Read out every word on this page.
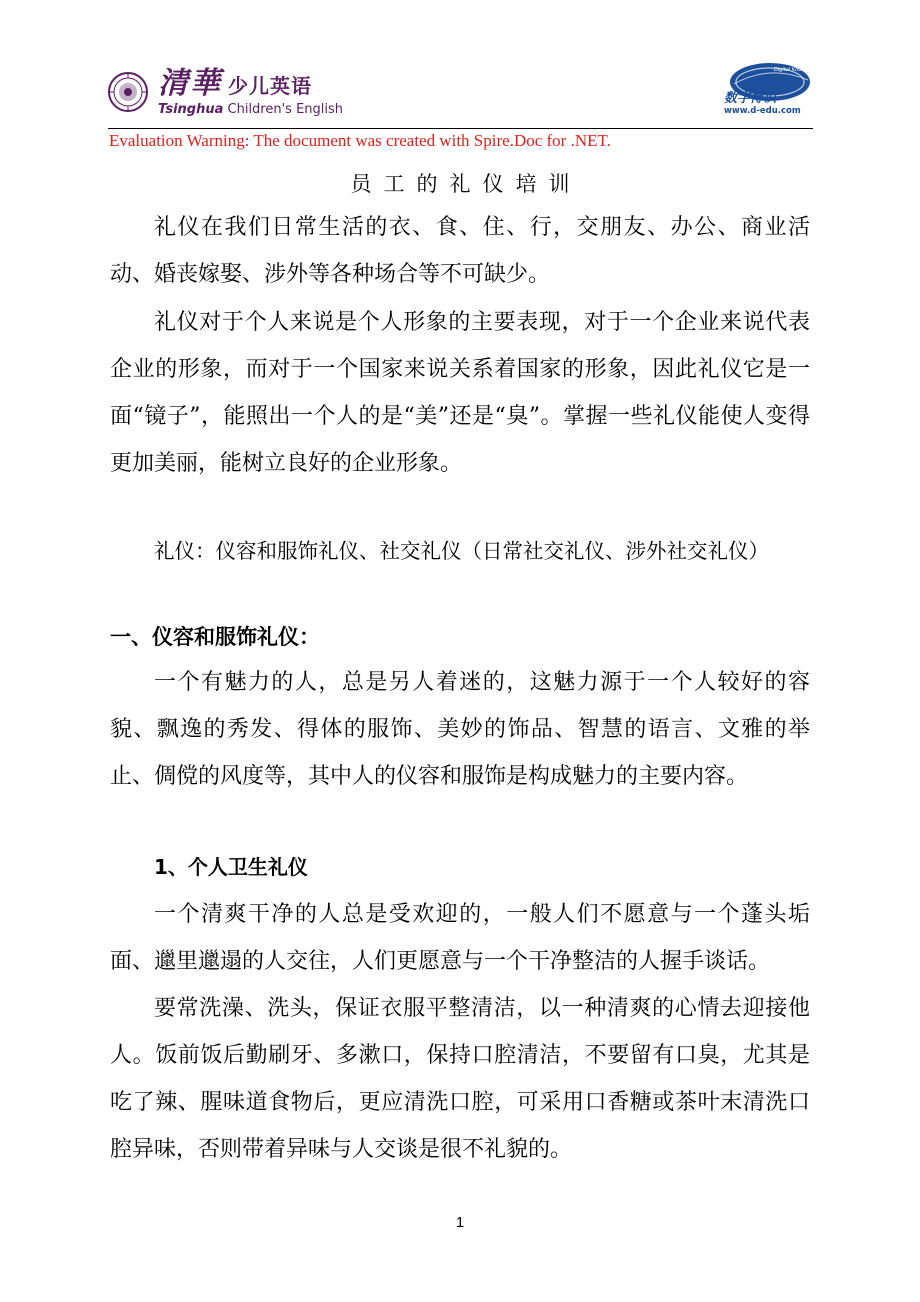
清華 少儿英语
Tsinghua Children's English
Digital Knowledge World
数字博识
www.d-edu.com
Evaluation Warning: The document was created with Spire.Doc for .NET.
员工的礼仪培训

礼仪在我们日常生活的衣、食、住、行，交朋友、办公、商业活动、婚丧嫁娶、涉外等各种场合等不可缺少。

礼仪对于个人来说是个人形象的主要表现，对于一个企业来说代表企业的形象，而对于一个国家来说关系着国家的形象，因此礼仪它是一面“镜子”，能照出一个人的是“美”还是“臭”。掌握一些礼仪能使人变得更加美丽，能树立良好的企业形象。

礼仪：仪容和服饰礼仪、社交礼仪（日常社交礼仪、涉外社交礼仪）

一、仪容和服饰礼仪：

一个有魅力的人，总是另人着迷的，这魅力源于一个人较好的容貌、飘逸的秀发、得体的服饰、美妙的饰品、智慧的语言、文雅的举止、倜傥的风度等，其中人的仪容和服饰是构成魅力的主要内容。

1、个人卫生礼仪

一个清爽干净的人总是受欢迎的，一般人们不愿意与一个蓬头垢面、邋里邋遢的人交往，人们更愿意与一个干净整洁的人握手谈话。

要常洗澡、洗头，保证衣服平整清洁，以一种清爽的心情去迎接他人。饭前饭后勤刷牙、多漱口，保持口腔清洁，不要留有口臭，尤其是吃了辣、腥味道食物后，更应清洗口腔，可采用口香糖或茶叶末清洗口腔异味，否则带着异味与人交谈是很不礼貌的。

1
